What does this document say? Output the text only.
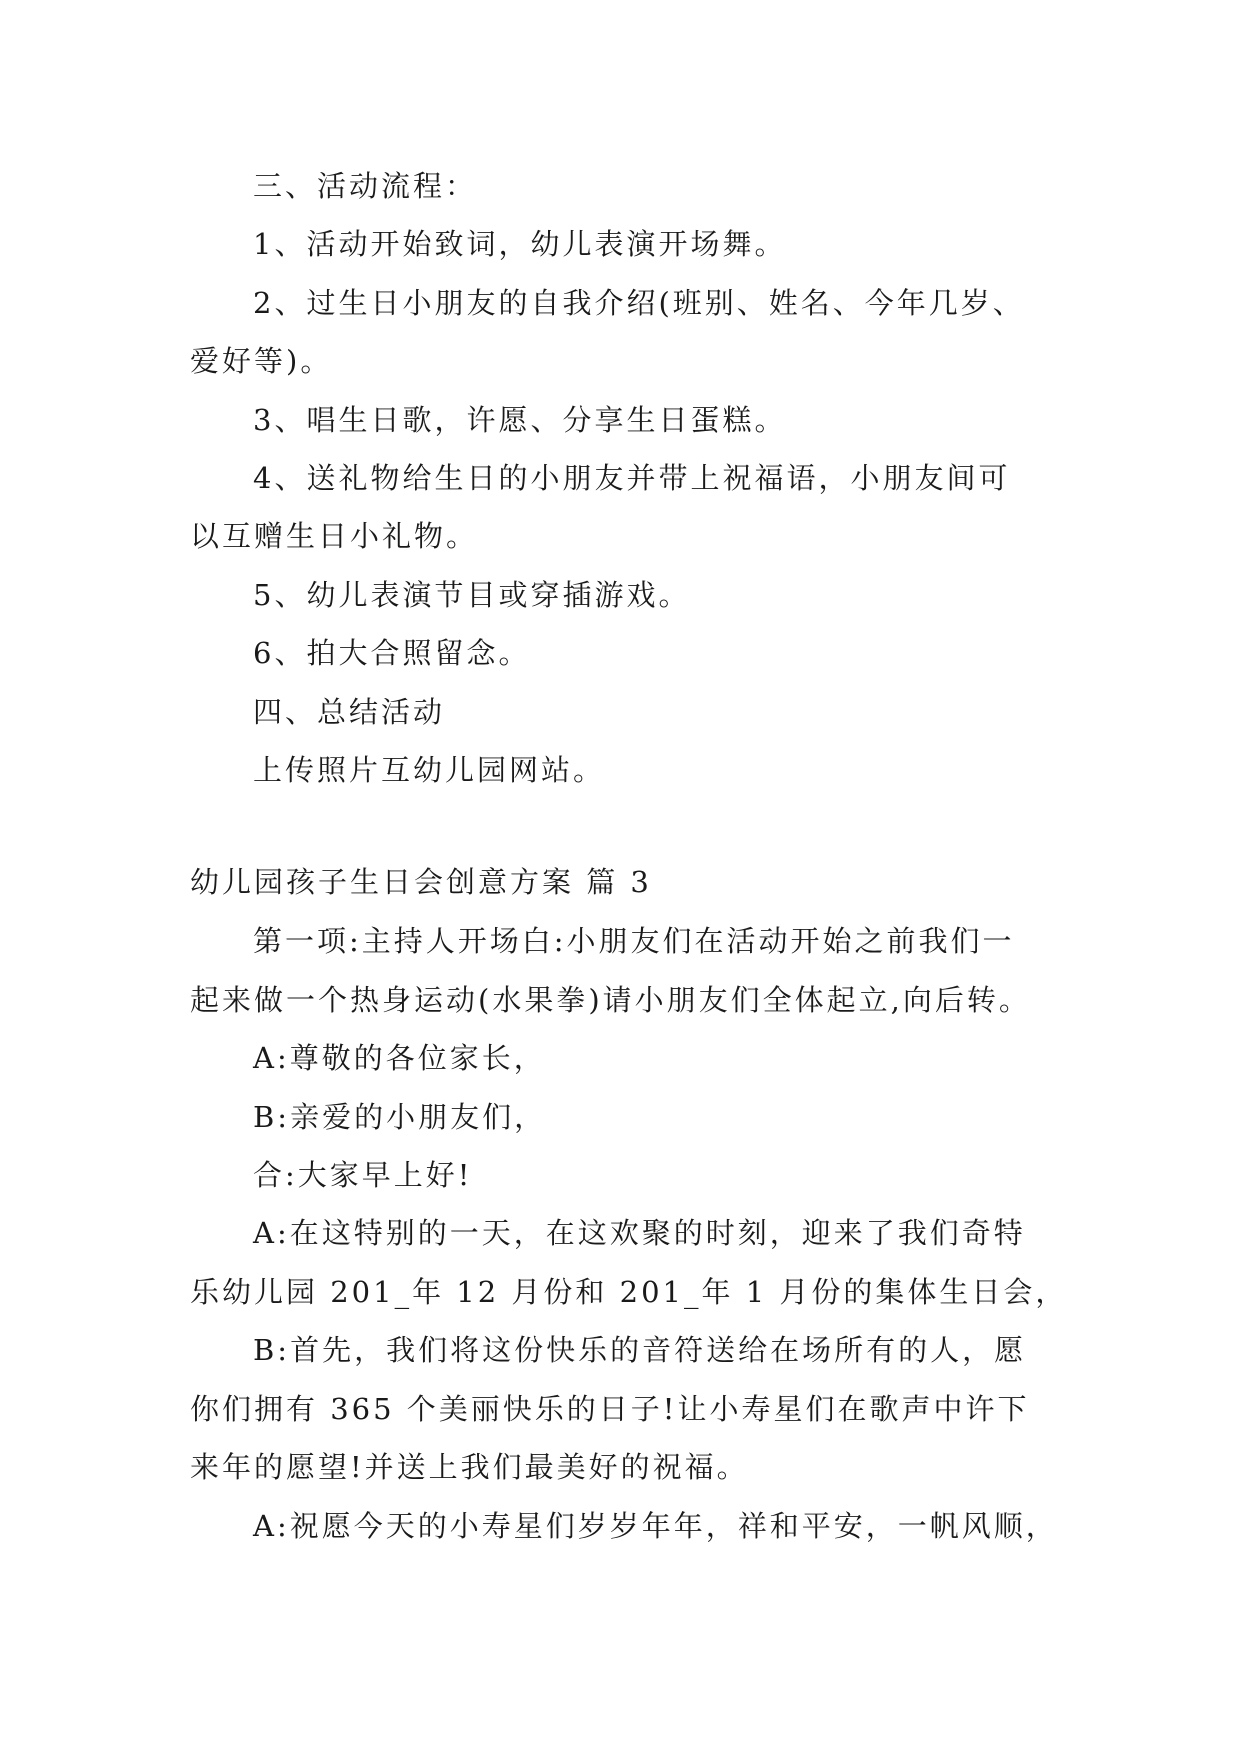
三、活动流程：
1、活动开始致词，幼儿表演开场舞。
2、过生日小朋友的自我介绍(班别、姓名、今年几岁、
爱好等)。
3、唱生日歌，许愿、分享生日蛋糕。
4、送礼物给生日的小朋友并带上祝福语，小朋友间可
以互赠生日小礼物。
5、幼儿表演节目或穿插游戏。
6、拍大合照留念。
四、总结活动
上传照片互幼儿园网站。
幼儿园孩子生日会创意方案 篇 3
第一项:主持人开场白:小朋友们在活动开始之前我们一
起来做一个热身运动(水果拳)请小朋友们全体起立,向后转。
A:尊敬的各位家长，
B:亲爱的小朋友们，
合:大家早上好!
A:在这特别的一天，在这欢聚的时刻，迎来了我们奇特
乐幼儿园 201_年 12 月份和 201_年 1 月份的集体生日会，
B:首先，我们将这份快乐的音符送给在场所有的人，愿
你们拥有 365 个美丽快乐的日子!让小寿星们在歌声中许下
来年的愿望!并送上我们最美好的祝福。
A:祝愿今天的小寿星们岁岁年年，祥和平安，一帆风顺，
